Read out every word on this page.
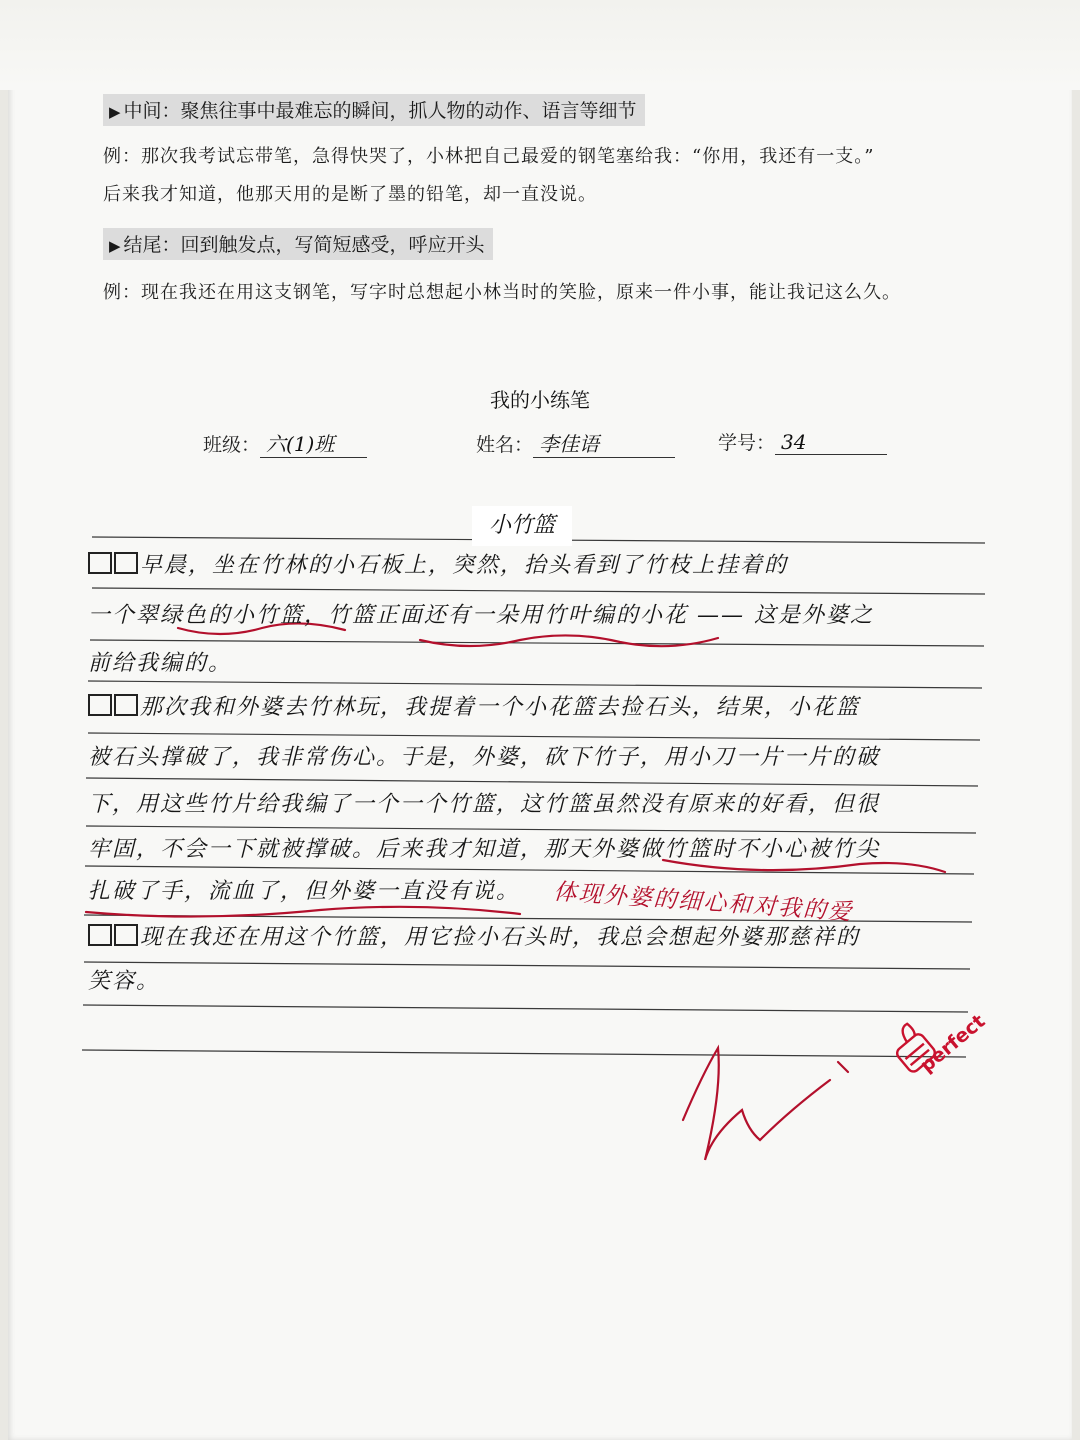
▶ 中间：聚焦往事中最难忘的瞬间，抓人物的动作、语言等细节
例：那次我考试忘带笔，急得快哭了，小林把自己最爱的钢笔塞给我：“你用，我还有一支。”
后来我才知道，他那天用的是断了墨的铅笔，却一直没说。
▶ 结尾：回到触发点，写简短感受，呼应开头
例：现在我还在用这支钢笔，写字时总想起小林当时的笑脸，原来一件小事，能让我记这么久。
我的小练笔
班级： 六(1)班	姓名： 李佳语	学号： 34
perfect
小竹篮
早晨，坐在竹林的小石板上，突然，抬头看到了竹枝上挂着的
一个翠绿色的小竹篮，竹篮正面还有一朵用竹叶编的小花 —— 这是外婆之
前给我编的。
那次我和外婆去竹林玩，我提着一个小花篮去捡石头，结果，小花篮
被石头撑破了，我非常伤心。于是，外婆，砍下竹子，用小刀一片一片的破
下，用这些竹片给我编了一个一个竹篮，这竹篮虽然没有原来的好看，但很
牢固，不会一下就被撑破。后来我才知道，那天外婆做竹篮时不小心被竹尖
扎破了手，流血了，但外婆一直没有说。
现在我还在用这个竹篮，用它捡小石头时，我总会想起外婆那慈祥的
笑容。
体现外婆的细心和对我的爱
